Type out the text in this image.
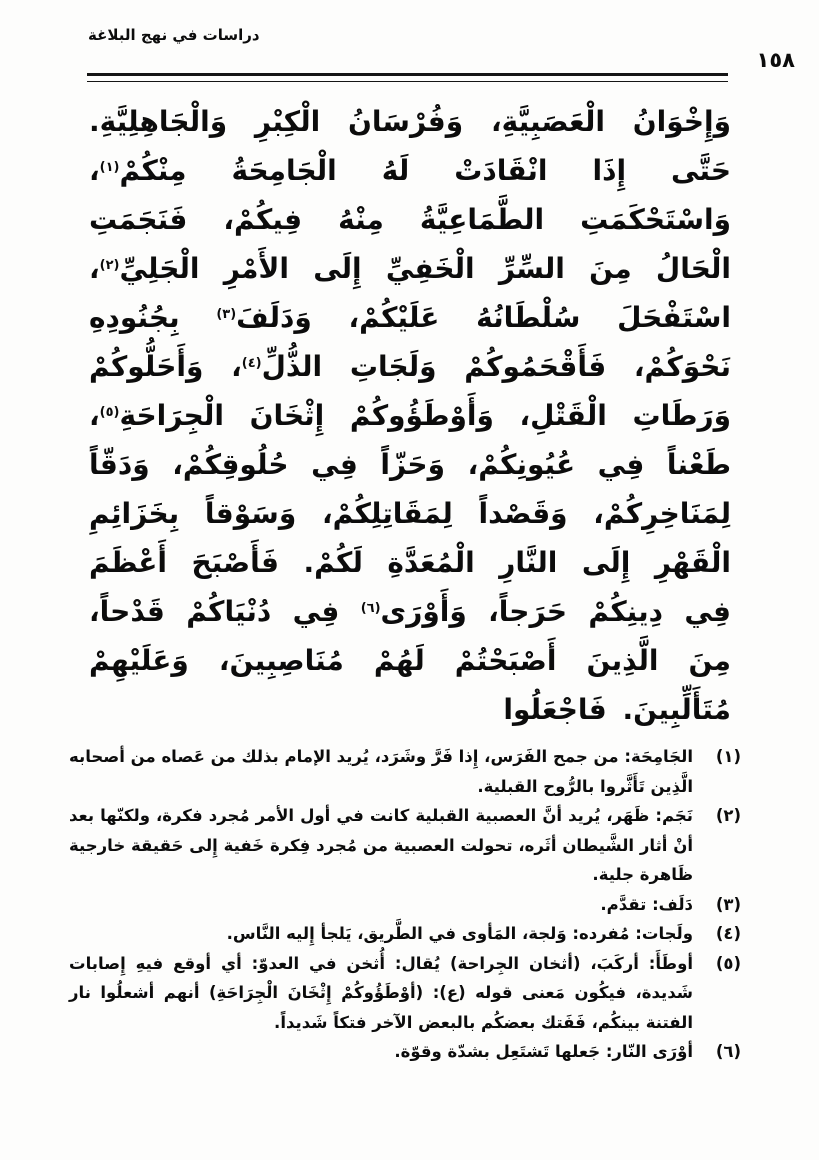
دراسات في نهج البلاغة
١٥٨

وَإِخْوَانُ الْعَصَبِيَّةِ، وَفُرْسَانُ الْكِبْرِ وَالْجَاهِلِيَّةِ. حَتَّى إِذَا انْقَادَتْ لَهُ الْجَامِحَةُ مِنْكُمْ$^{(١)}$، وَاسْتَحْكَمَتِ الطَّمَاعِيَّةُ مِنْهُ فِيكُمْ، فَنَجَمَتِ الْحَالُ مِنَ السِّرِّ الْخَفِيِّ إِلَى الأَمْرِ الْجَلِيِّ$^{(٢)}$، اسْتَفْحَلَ سُلْطَانُهُ عَلَيْكُمْ، وَدَلَفَ$^{(٣)}$ بِجُنُودِهِ نَحْوَكُمْ، فَأَقْحَمُوكُمْ وَلَجَاتِ الذُّلِّ$^{(٤)}$، وَأَحَلُّوكُمْ وَرَطَاتِ الْقَتْلِ، وَأَوْطَؤُوكُمْ إِثْخَانَ الْجِرَاحَةِ$^{(٥)}$، طَعْناً فِي عُيُونِكُمْ، وَحَزّاً فِي حُلُوقِكُمْ، وَدَقّاً لِمَنَاخِرِكُمْ، وَقَصْداً لِمَقَاتِلِكُمْ، وَسَوْقاً بِخَزَائِمِ الْقَهْرِ إِلَى النَّارِ الْمُعَدَّةِ لَكُمْ. فَأَصْبَحَ أَعْظَمَ فِي دِينِكُمْ حَرَجاً، وَأَوْرَى$^{(٦)}$ فِي دُنْيَاكُمْ قَدْحاً، مِنَ الَّذِينَ أَصْبَحْتُمْ لَهُمْ مُنَاصِبِينَ، وَعَلَيْهِمْ مُتَأَلِّبِينَ. فَاجْعَلُوا

(١)
الجَامِحَة: من جمح الفَرَس، إِذا فَرَّ وشَرَد، يُريد الإمام بذلك من عَصاه من أصحابه الَّذِين تَأَثَّروا بالرُّوح القبلية.
(٢)
نَجَم: ظَهَر، يُريد أنَّ العصبية القبلية كانت في أول الأمر مُجرد فكرة، ولكنّها بعد أنْ أثار الشَّيطان أثَره، تحولت العصبية من مُجرد فِكرة خَفية إِلى حَقيقة خارجية ظَاهرة جلية.
(٣)
دَلَف: تقدَّم.
(٤)
ولَجات: مُفرده: وَلجة، المَأوى في الطَّريق، يَلجأ إِليه النَّاس.
(٥)
أوطَأَ: أركَبَ، (أثخان الجِراحة) يُقال: أُثخن في العدوّ: أي أوقع فيهِ إِصابات شَديدة، فيكُون مَعنى قوله (ع): (أوْطَؤُوكُمْ إِثْخَانَ الْجِرَاحَةِ) أنهم أشعلُوا نار الفتنة بينكُم، فَفَتك بعضكُم بالبعض الآخر فتكاً شَديداً.
(٦)
أوْرَى النّار: جَعلها تَشتَعِل بشدّة وقوّة.
